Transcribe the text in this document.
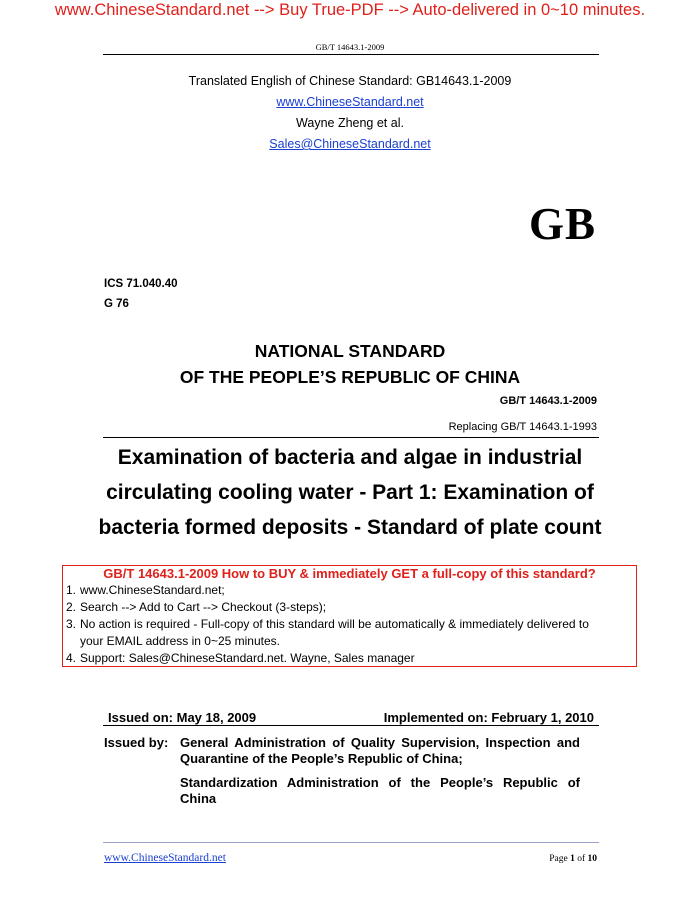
www.ChineseStandard.net --> Buy True-PDF --> Auto-delivered in 0~10 minutes.
GB/T 14643.1-2009
Translated English of Chinese Standard: GB14643.1-2009
www.ChineseStandard.net
Wayne Zheng et al.
Sales@ChineseStandard.net
GB
ICS 71.040.40
G 76
NATIONAL STANDARD
OF THE PEOPLE’S REPUBLIC OF CHINA
GB/T 14643.1-2009
Replacing GB/T 14643.1-1993
Examination of bacteria and algae in industrial
circulating cooling water - Part 1: Examination of
bacteria formed deposits - Standard of plate count
GB/T 14643.1-2009 How to BUY & immediately GET a full-copy of this standard?
1. www.ChineseStandard.net;
2. Search --> Add to Cart --> Checkout (3-steps);
3. No action is required - Full-copy of this standard will be automatically & immediately delivered to
your EMAIL address in 0~25 minutes.
4. Support: Sales@ChineseStandard.net. Wayne, Sales manager
Issued on: May 18, 2009	Implemented on: February 1, 2010
Issued by: General Administration of Quality Supervision, Inspection and Quarantine of the People’s Republic of China;
Standardization Administration of the People’s Republic of China
www.ChineseStandard.net	Page 1 of 10
